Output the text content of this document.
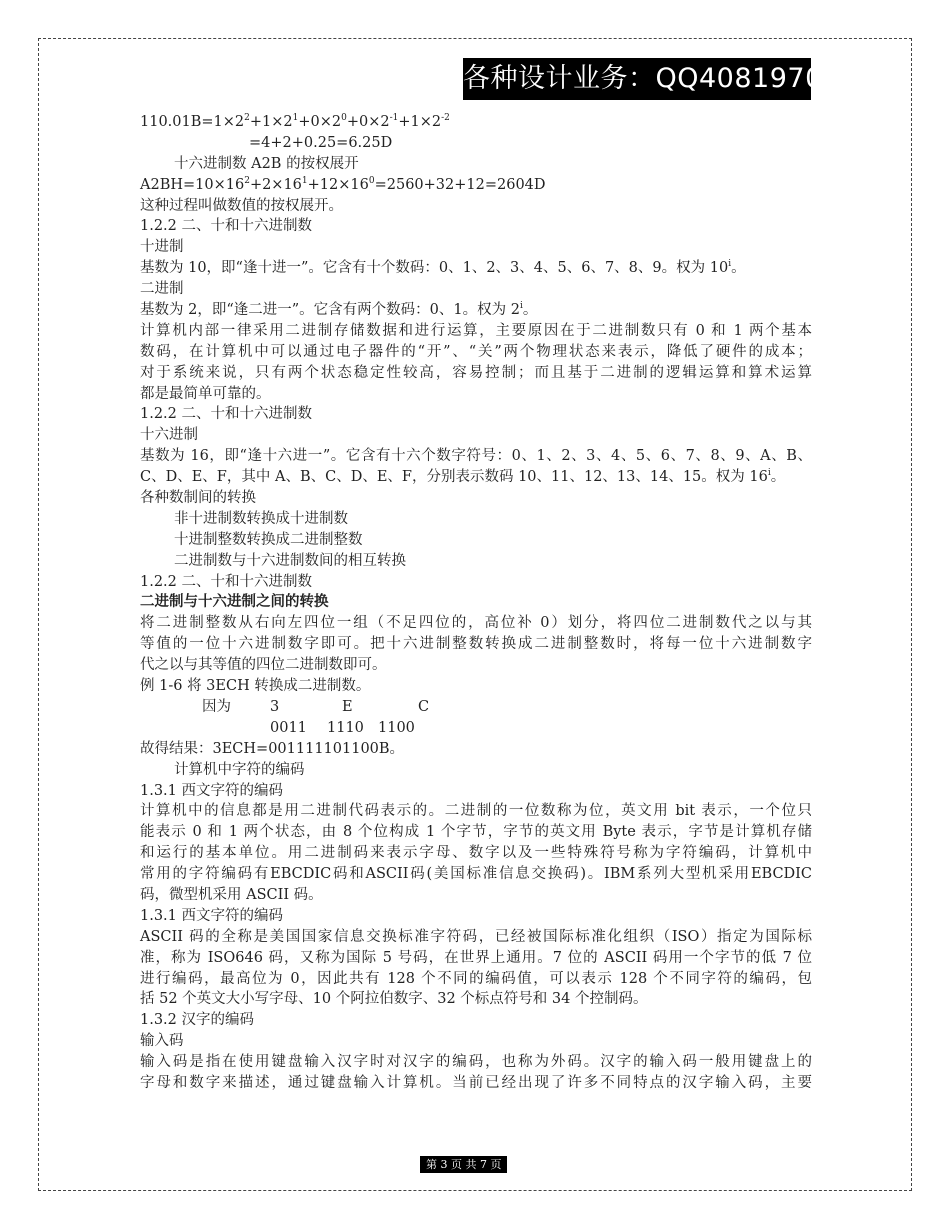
各种设计业务：QQ408197081
$110.01B=1\times 2^2+1\times 2^1+0\times 2^0+0\times 2^{-1}+1\times 2^{-2}$
=4+2+0.25=6.25D
十六进制数 A2B 的按权展开
$A2BH=10\times 16^2+2\times 16^1+12\times 16^0=2560+32+12=2604D$
这种过程叫做数值的按权展开。
1.2.2 二、十和十六进制数
十进制
基数为 10，即“逢十进一”。它含有十个数码：0、1、2、3、4、5、6、7、8、9。权为 10$^i$。
二进制
基数为 2，即“逢二进一”。它含有两个数码：0、1。权为 2$^i$。
计算机内部一律采用二进制存储数据和进行运算，主要原因在于二进制数只有 0 和 1 两个基本
数码，在计算机中可以通过电子器件的“开”、“关”两个物理状态来表示，降低了硬件的成本；
对于系统来说，只有两个状态稳定性较高，容易控制；而且基于二进制的逻辑运算和算术运算
都是最简单可靠的。
1.2.2 二、十和十六进制数
十六进制
基数为 16，即“逢十六进一”。它含有十六个数字符号：0、1、2、3、4、5、6、7、8、9、A、B、
C、D、E、F，其中 A、B、C、D、E、F，分别表示数码 10、11、12、13、14、15。权为 16$^i$。
各种数制间的转换
非十进制数转换成十进制数
十进制整数转换成二进制整数
二进制数与十六进制数间的相互转换
1.2.2 二、十和十六进制数
二进制与十六进制之间的转换
将二进制整数从右向左四位一组（不足四位的，高位补 0）划分，将四位二进制数代之以与其
等值的一位十六进制数字即可。把十六进制整数转换成二进制整数时，将每一位十六进制数字
代之以与其等值的四位二进制数即可。
例 1-6 将 3ECH 转换成二进制数。
因为	3	E	C
0011 1110 1100
故得结果：3ECH=001111101100B。
计算机中字符的编码
1.3.1 西文字符的编码
计算机中的信息都是用二进制代码表示的。二进制的一位数称为位，英文用 bit 表示，一个位只
能表示 0 和 1 两个状态，由 8 个位构成 1 个字节，字节的英文用 Byte 表示，字节是计算机存储
和运行的基本单位。用二进制码来表示字母、数字以及一些特殊符号称为字符编码，计算机中
常用的字符编码有EBCDIC码和ASCII码(美国标准信息交换码)。IBM系列大型机采用EBCDIC
码，微型机采用 ASCII 码。
1.3.1 西文字符的编码
ASCII 码的全称是美国国家信息交换标准字符码，已经被国际标准化组织（ISO）指定为国际标
准，称为 ISO646 码，又称为国际 5 号码，在世界上通用。7 位的 ASCII 码用一个字节的低 7 位
进行编码，最高位为 0，因此共有 128 个不同的编码值，可以表示 128 个不同字符的编码，包
括 52 个英文大小写字母、10 个阿拉伯数字、32 个标点符号和 34 个控制码。
1.3.2 汉字的编码
输入码
输入码是指在使用键盘输入汉字时对汉字的编码，也称为外码。汉字的输入码一般用键盘上的
字母和数字来描述，通过键盘输入计算机。当前已经出现了许多不同特点的汉字输入码，主要
第 3 页 共 7 页
